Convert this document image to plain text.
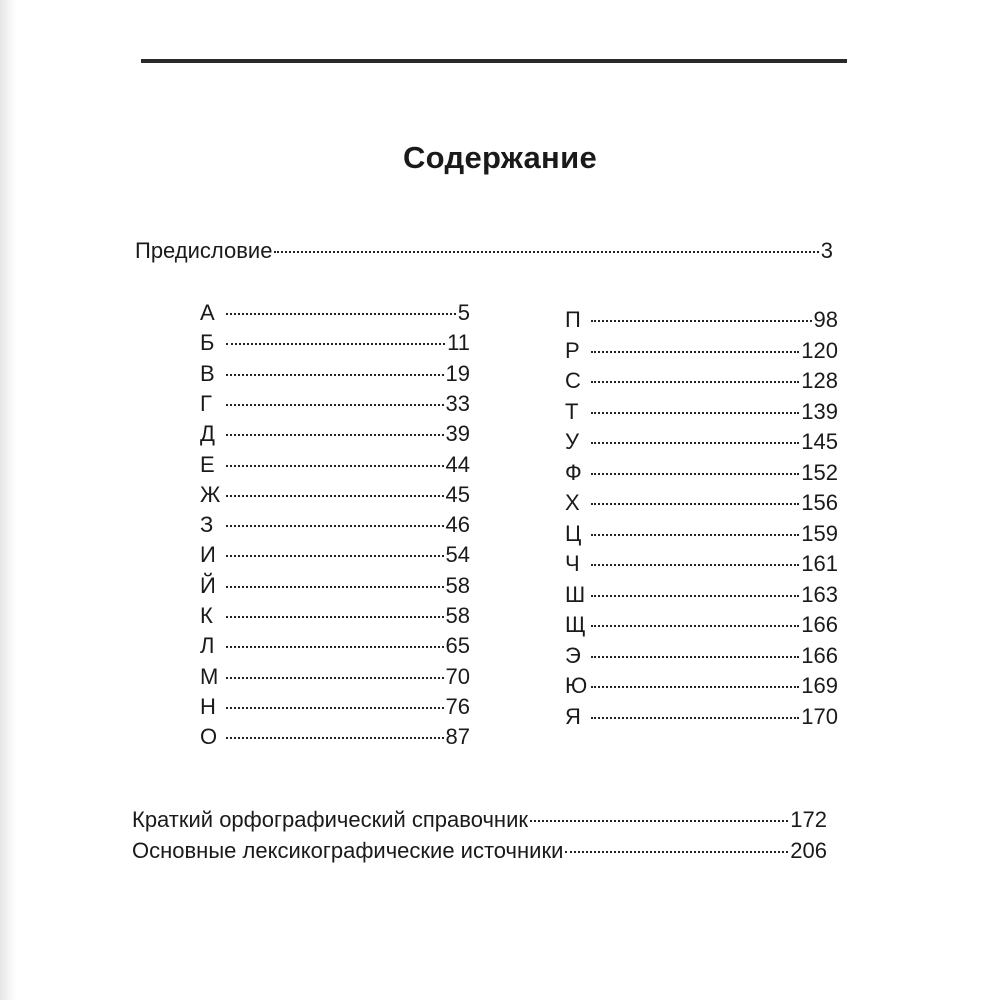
Содержание
Предисловие	3
А	5
Б	11
В	19
Г	33
Д	39
Е	44
Ж	45
З	46
И	54
Й	58
К	58
Л	65
М	70
Н	76
О	87
П	98
Р	120
С	128
Т	139
У	145
Ф	152
Х	156
Ц	159
Ч	161
Ш	163
Щ	166
Э	166
Ю	169
Я	170
Краткий орфографический справочник	172
Основные лексикографические источники	206
